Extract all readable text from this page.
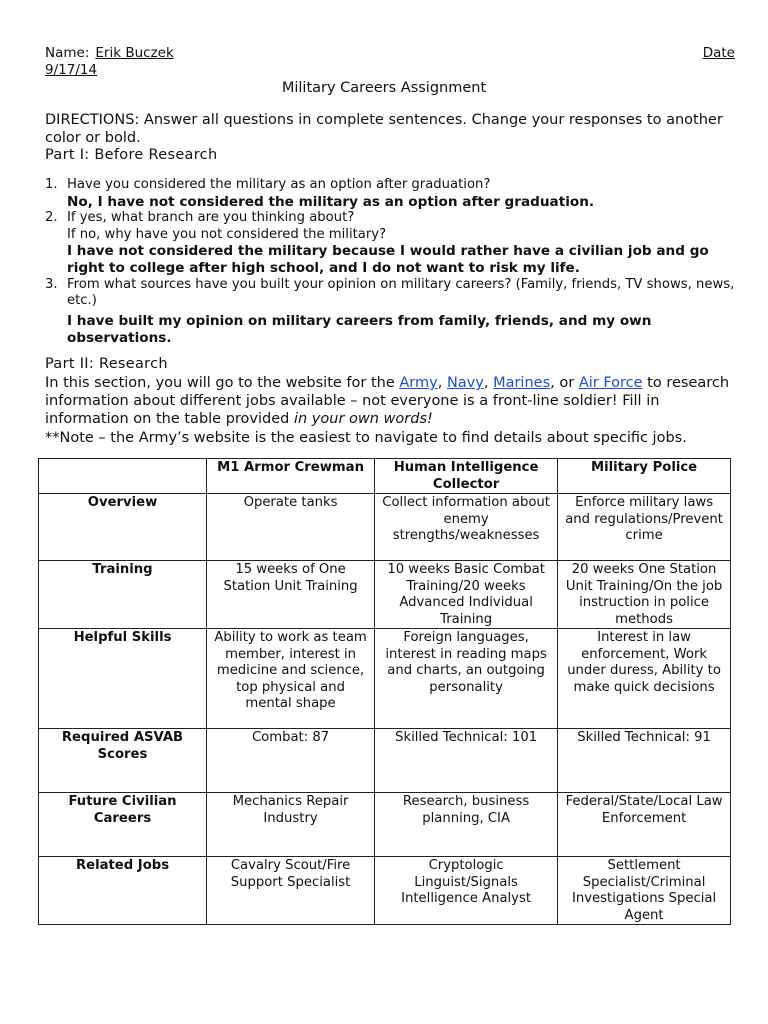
Name: Erik Buczek	Date
9/17/14
Military Careers Assignment
DIRECTIONS: Answer all questions in complete sentences. Change your responses to another color or bold.
Part I: Before Research
1. Have you considered the military as an option after graduation?
No, I have not considered the military as an option after graduation.
2. If yes, what branch are you thinking about?
If no, why have you not considered the military?
I have not considered the military because I would rather have a civilian job and go right to college after high school, and I do not want to risk my life.
3. From what sources have you built your opinion on military careers? (Family, friends, TV shows, news, etc.)
I have built my opinion on military careers from family, friends, and my own observations.
Part II: Research
In this section, you will go to the website for the Army, Navy, Marines, or Air Force to research information about different jobs available – not everyone is a front-line soldier! Fill in information on the table provided in your own words!
**Note – the Army’s website is the easiest to navigate to find details about specific jobs.
	M1 Armor Crewman	Human Intelligence Collector	Military Police
Overview	Operate tanks	Collect information about enemy strengths/weaknesses	Enforce military laws and regulations/Prevent crime
Training	15 weeks of One Station Unit Training	10 weeks Basic Combat Training/20 weeks Advanced Individual Training	20 weeks One Station Unit Training/On the job instruction in police methods
Helpful Skills	Ability to work as team member, interest in medicine and science, top physical and mental shape	Foreign languages, interest in reading maps and charts, an outgoing personality	Interest in law enforcement, Work under duress, Ability to make quick decisions
Required ASVAB Scores	Combat: 87	Skilled Technical: 101	Skilled Technical: 91
Future Civilian Careers	Mechanics Repair Industry	Research, business planning, CIA	Federal/State/Local Law Enforcement
Related Jobs	Cavalry Scout/Fire Support Specialist	Cryptologic Linguist/Signals Intelligence Analyst	Settlement Specialist/Criminal Investigations Special Agent
